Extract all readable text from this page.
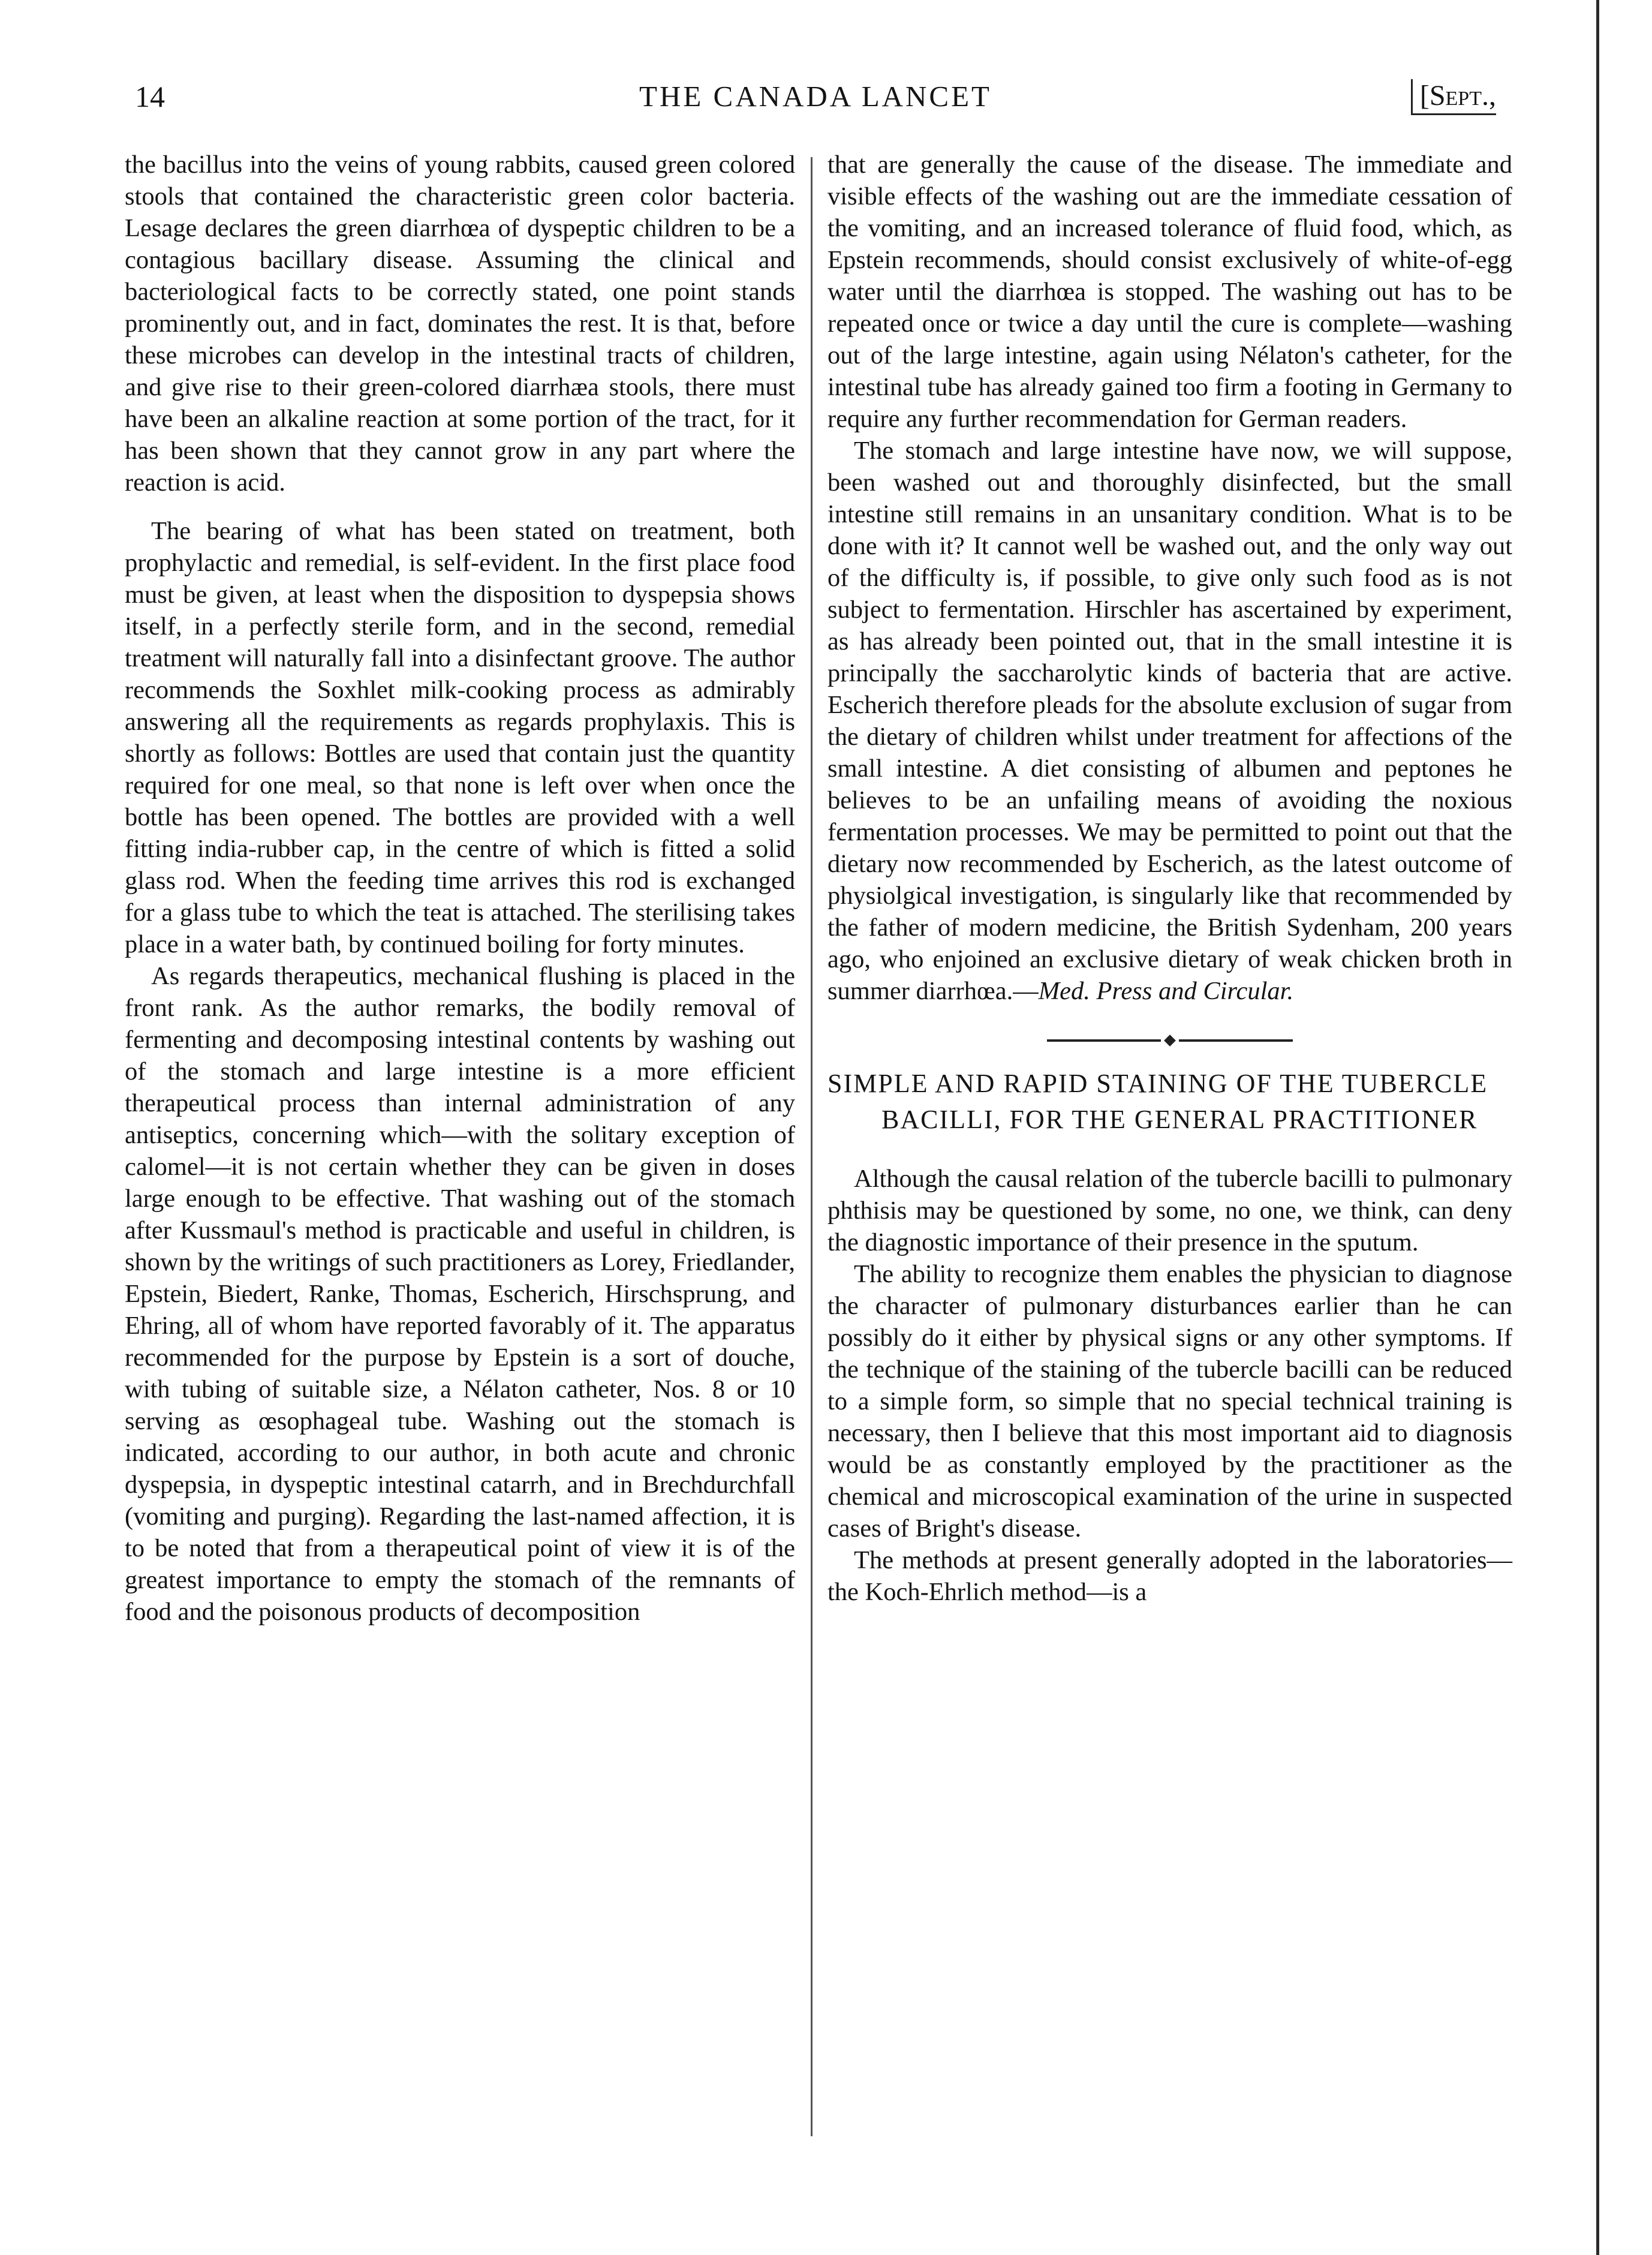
14	THE CANADA LANCET	[Sept.,

the bacillus into the veins of young rabbits, caused green colored stools that contained the characteristic green color bacteria. Lesage declares the green diarrhœa of dyspeptic children to be a contagious bacillary disease. Assuming the clinical and bacteriological facts to be correctly stated, one point stands prominently out, and in fact, dominates the rest. It is that, before these microbes can develop in the intestinal tracts of children, and give rise to their green-colored diarrhæa stools, there must have been an alkaline reaction at some portion of the tract, for it has been shown that they cannot grow in any part where the reaction is acid.

The bearing of what has been stated on treatment, both prophylactic and remedial, is self-evident. In the first place food must be given, at least when the disposition to dyspepsia shows itself, in a perfectly sterile form, and in the second, remedial treatment will naturally fall into a disinfectant groove. The author recommends the Soxhlet milk-cooking process as admirably answering all the requirements as regards prophylaxis. This is shortly as follows: Bottles are used that contain just the quantity required for one meal, so that none is left over when once the bottle has been opened. The bottles are provided with a well fitting india-rubber cap, in the centre of which is fitted a solid glass rod. When the feeding time arrives this rod is exchanged for a glass tube to which the teat is attached. The sterilising takes place in a water bath, by continued boiling for forty minutes.

As regards therapeutics, mechanical flushing is placed in the front rank. As the author remarks, the bodily removal of fermenting and decomposing intestinal contents by washing out of the stomach and large intestine is a more efficient therapeutical process than internal administration of any antiseptics, concerning which—with the solitary exception of calomel—it is not certain whether they can be given in doses large enough to be effective. That washing out of the stomach after Kussmaul's method is practicable and useful in children, is shown by the writings of such practitioners as Lorey, Friedlander, Epstein, Biedert, Ranke, Thomas, Escherich, Hirschsprung, and Ehring, all of whom have reported favorably of it. The apparatus recommended for the purpose by Epstein is a sort of douche, with tubing of suitable size, a Nélaton catheter, Nos. 8 or 10 serving as œsophageal tube. Washing out the stomach is indicated, according to our author, in both acute and chronic dyspepsia, in dyspeptic intestinal catarrh, and in Brechdurchfall (vomiting and purging). Regarding the last-named affection, it is to be noted that from a therapeutical point of view it is of the greatest importance to empty the stomach of the remnants of food and the poisonous products of decomposition

that are generally the cause of the disease. The immediate and visible effects of the washing out are the immediate cessation of the vomiting, and an increased tolerance of fluid food, which, as Epstein recommends, should consist exclusively of white-of-egg water until the diarrhœa is stopped. The washing out has to be repeated once or twice a day until the cure is complete—washing out of the large intestine, again using Nélaton's catheter, for the intestinal tube has already gained too firm a footing in Germany to require any further recommendation for German readers.

The stomach and large intestine have now, we will suppose, been washed out and thoroughly disinfected, but the small intestine still remains in an unsanitary condition. What is to be done with it? It cannot well be washed out, and the only way out of the difficulty is, if possible, to give only such food as is not subject to fermentation. Hirschler has ascertained by experiment, as has already been pointed out, that in the small intestine it is principally the saccharolytic kinds of bacteria that are active. Escherich therefore pleads for the absolute exclusion of sugar from the dietary of children whilst under treatment for affections of the small intestine. A diet consisting of albumen and peptones he believes to be an unfailing means of avoiding the noxious fermentation processes. We may be permitted to point out that the dietary now recommended by Escherich, as the latest outcome of physiolgical investigation, is singularly like that recommended by the father of modern medicine, the British Sydenham, 200 years ago, who enjoined an exclusive dietary of weak chicken broth in summer diarrhœa.—Med. Press and Circular.

SIMPLE AND RAPID STAINING OF THE TUBERCLE BACILLI, FOR THE GENERAL PRACTITIONER

Although the causal relation of the tubercle bacilli to pulmonary phthisis may be questioned by some, no one, we think, can deny the diagnostic importance of their presence in the sputum.

The ability to recognize them enables the physician to diagnose the character of pulmonary disturbances earlier than he can possibly do it either by physical signs or any other symptoms. If the technique of the staining of the tubercle bacilli can be reduced to a simple form, so simple that no special technical training is necessary, then I believe that this most important aid to diagnosis would be as constantly employed by the practitioner as the chemical and microscopical examination of the urine in suspected cases of Bright's disease.

The methods at present generally adopted in the laboratories—the Koch-Ehrlich method—is a
